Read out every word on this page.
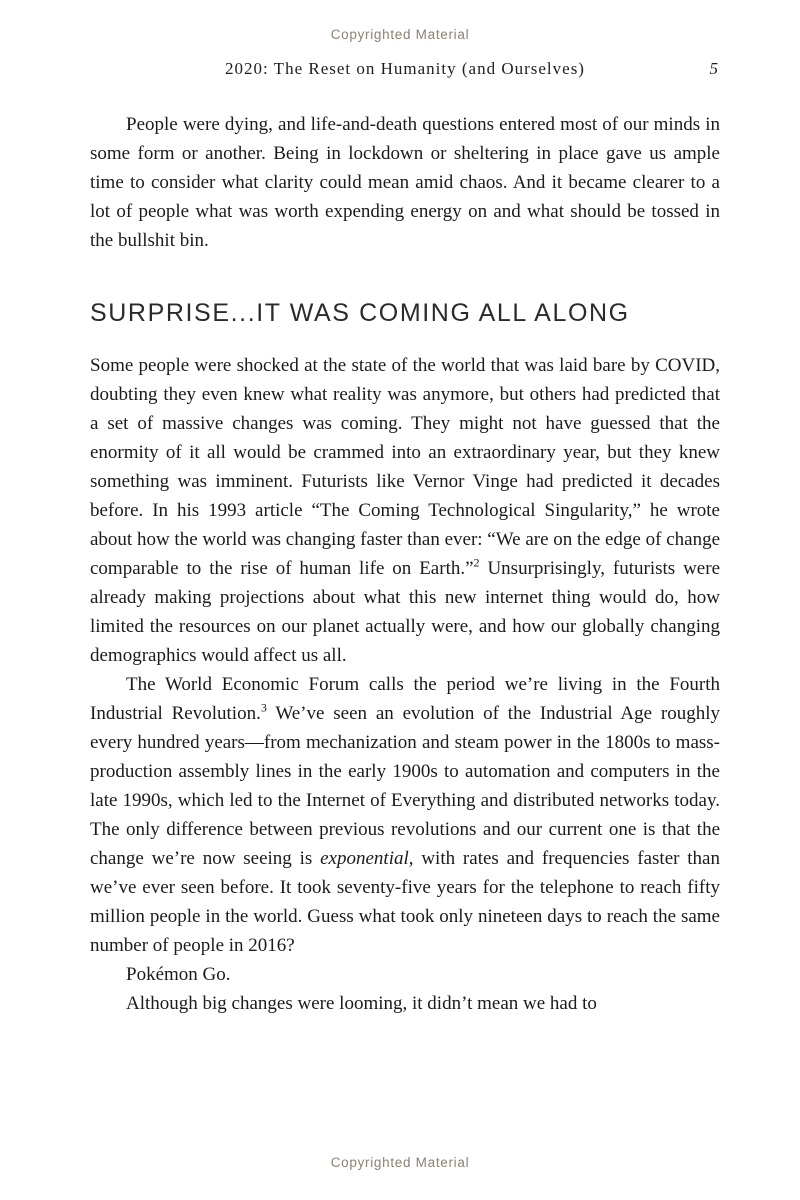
Copyrighted Material
2020: The Reset on Humanity (and Ourselves)	5

People were dying, and life-and-death questions entered most of our minds in some form or another. Being in lockdown or sheltering in place gave us ample time to consider what clarity could mean amid chaos. And it became clearer to a lot of people what was worth expending energy on and what should be tossed in the bullshit bin.

SURPRISE...IT WAS COMING ALL ALONG

Some people were shocked at the state of the world that was laid bare by COVID, doubting they even knew what reality was anymore, but others had predicted that a set of massive changes was coming. They might not have guessed that the enormity of it all would be crammed into an extraordinary year, but they knew something was imminent. Futurists like Vernor Vinge had predicted it decades before. In his 1993 article “The Coming Technological Singularity,” he wrote about how the world was changing faster than ever: “We are on the edge of change comparable to the rise of human life on Earth.”$^2$ Unsurprisingly, futurists were already making projections about what this new internet thing would do, how limited the resources on our planet actually were, and how our globally changing demographics would affect us all.

The World Economic Forum calls the period we’re living in the Fourth Industrial Revolution.$^3$ We’ve seen an evolution of the Industrial Age roughly every hundred years—from mechanization and steam power in the 1800s to mass-production assembly lines in the early 1900s to automation and computers in the late 1990s, which led to the Internet of Everything and distributed networks today. The only difference between previous revolutions and our current one is that the change we’re now seeing is exponential, with rates and frequencies faster than we’ve ever seen before. It took seventy-five years for the telephone to reach fifty million people in the world. Guess what took only nineteen days to reach the same number of people in 2016?

Pokémon Go.

Although big changes were looming, it didn’t mean we had to

Copyrighted Material
